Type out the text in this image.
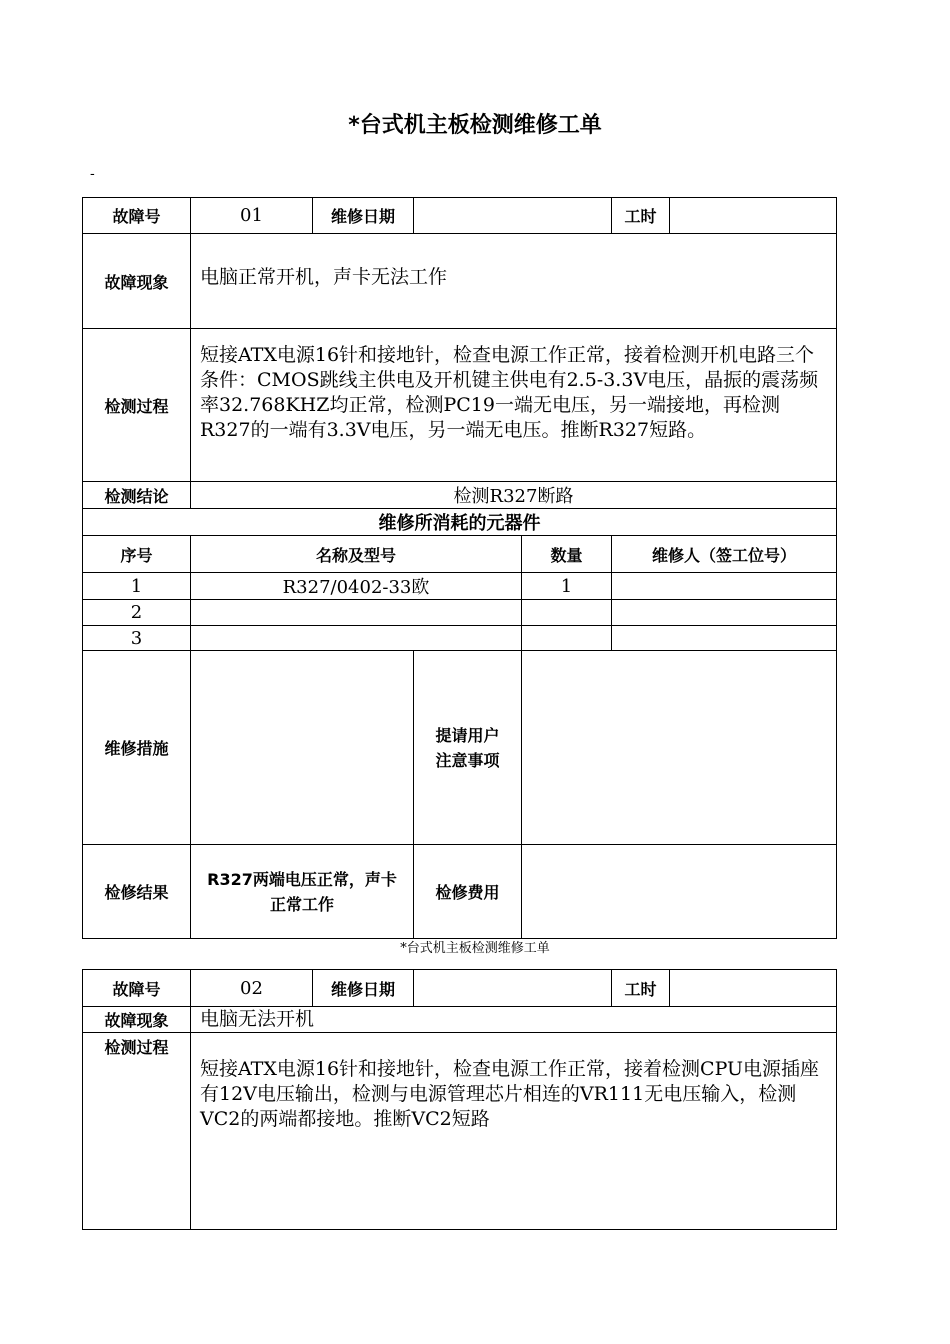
*台式机主板检测维修工单
-
故障号	01	维修日期			工时	
故障现象	电脑正常开机，声卡无法工作					
检测过程	短接ATX电源16针和接地针，检查电源工作正常，接着检测开机电路三个条件：CMOS跳线主供电及开机键主供电有2.5-3.3V电压，晶振的震荡频率32.768KHZ均正常，检测PC19一端无电压，另一端接地，再检测R327的一端有3.3V电压，另一端无电压。推断R327短路。					
检测结论	检测R327断路					
维修所消耗的元器件						
序号	名称及型号			数量	维修人（签工位号）	
1	R327/0402-33欧			1		
2						
3						
维修措施			提请用户注意事项			
检修结果	R327两端电压正常，声卡正常工作		检修费用			
*台式机主板检测维修工单
故障号	02	维修日期		工时	
故障现象	电脑无法开机				
检测过程	短接ATX电源16针和接地针，检查电源工作正常，接着检测CPU电源插座有12V电压输出，检测与电源管理芯片相连的VR111无电压输入，检测VC2的两端都接地。推断VC2短路				
